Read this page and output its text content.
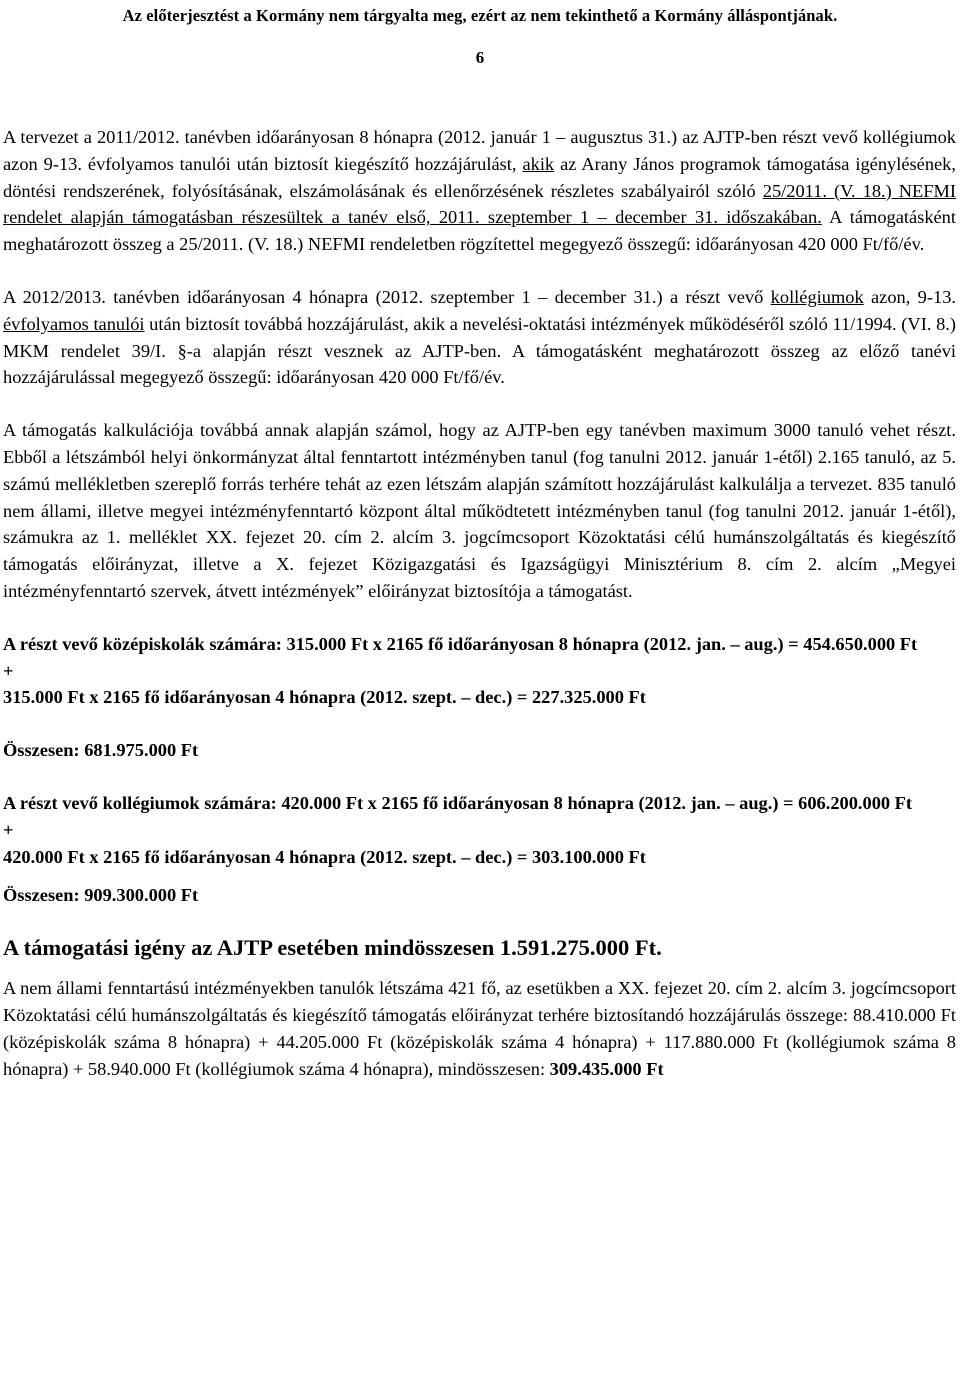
Az előterjesztést a Kormány nem tárgyalta meg, ezért az nem tekinthető a Kormány álláspontjának.
6

A tervezet a 2011/2012. tanévben időarányosan 8 hónapra (2012. január 1 – augusztus 31.) az AJTP-ben részt vevő kollégiumok azon 9-13. évfolyamos tanulói után biztosít kiegészítő hozzájárulást, akik az Arany János programok támogatása igénylésének, döntési rendszerének, folyósításának, elszámolásának és ellenőrzésének részletes szabályairól szóló 25/2011. (V. 18.) NEFMI rendelet alapján támogatásban részesültek a tanév első, 2011. szeptember 1 – december 31. időszakában. A támogatásként meghatározott összeg a 25/2011. (V. 18.) NEFMI rendeletben rögzítettel megegyező összegű: időarányosan 420 000 Ft/fő/év.

A 2012/2013. tanévben időarányosan 4 hónapra (2012. szeptember 1 – december 31.) a részt vevő kollégiumok azon, 9-13. évfolyamos tanulói után biztosít továbbá hozzájárulást, akik a nevelési-oktatási intézmények működéséről szóló 11/1994. (VI. 8.) MKM rendelet 39/I. §-a alapján részt vesznek az AJTP-ben. A támogatásként meghatározott összeg az előző tanévi hozzájárulással megegyező összegű: időarányosan 420 000 Ft/fő/év.

A támogatás kalkulációja továbbá annak alapján számol, hogy az AJTP-ben egy tanévben maximum 3000 tanuló vehet részt. Ebből a létszámból helyi önkormányzat által fenntartott intézményben tanul (fog tanulni 2012. január 1-étől) 2.165 tanuló, az 5. számú mellékletben szereplő forrás terhére tehát az ezen létszám alapján számított hozzájárulást kalkulálja a tervezet. 835 tanuló nem állami, illetve megyei intézményfenntartó központ által működtetett intézményben tanul (fog tanulni 2012. január 1-étől), számukra az 1. melléklet XX. fejezet 20. cím 2. alcím 3. jogcímcsoport Közoktatási célú humánszolgáltatás és kiegészítő támogatás előirányzat, illetve a X. fejezet Közigazgatási és Igazságügyi Minisztérium 8. cím 2. alcím „Megyei intézményfenntartó szervek, átvett intézmények” előirányzat biztosítója a támogatást.

A részt vevő középiskolák számára: 315.000 Ft x 2165 fő időarányosan 8 hónapra (2012. jan. – aug.) = 454.650.000 Ft

+

315.000 Ft x 2165 fő időarányosan 4 hónapra (2012. szept. – dec.) = 227.325.000 Ft

Összesen: 681.975.000 Ft

A részt vevő kollégiumok számára: 420.000 Ft x 2165 fő időarányosan 8 hónapra (2012. jan. – aug.) = 606.200.000 Ft

+

420.000 Ft x 2165 fő időarányosan 4 hónapra (2012. szept. – dec.) = 303.100.000 Ft

Összesen: 909.300.000 Ft

A támogatási igény az AJTP esetében mindösszesen 1.591.275.000 Ft.

A nem állami fenntartású intézményekben tanulók létszáma 421 fő, az esetükben a XX. fejezet 20. cím 2. alcím 3. jogcímcsoport Közoktatási célú humánszolgáltatás és kiegészítő támogatás előirányzat terhére biztosítandó hozzájárulás összege: 88.410.000 Ft (középiskolák száma 8 hónapra) + 44.205.000 Ft (középiskolák száma 4 hónapra) + 117.880.000 Ft (kollégiumok száma 8 hónapra) + 58.940.000 Ft (kollégiumok száma 4 hónapra), mindösszesen: 309.435.000 Ft
